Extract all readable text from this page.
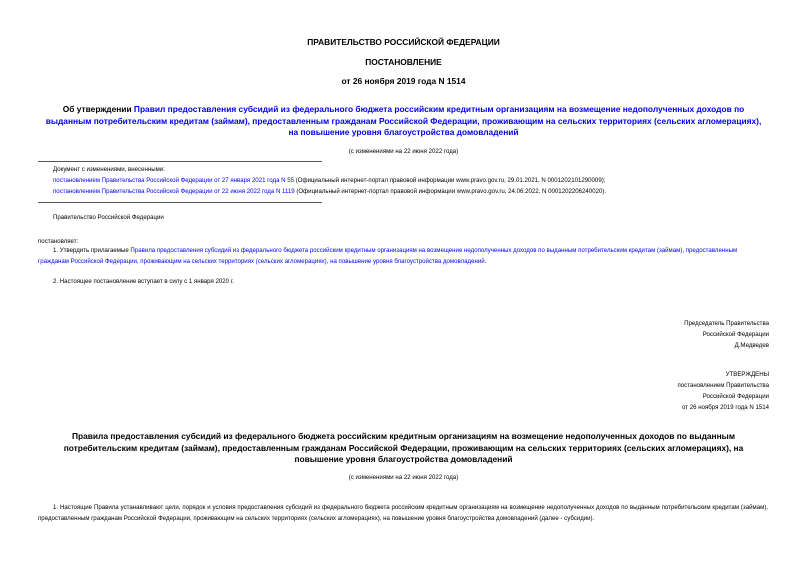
ПРАВИТЕЛЬСТВО РОССИЙСКОЙ ФЕДЕРАЦИИ
ПОСТАНОВЛЕНИЕ
от 26 ноября 2019 года N 1514
Об утверждении Правил предоставления субсидий из федерального бюджета российским кредитным организациям на возмещение недополученных доходов по выданным потребительским кредитам (займам), предоставленным гражданам Российской Федерации, проживающим на сельских территориях (сельских агломерациях), на повышение уровня благоустройства домовладений
(с изменениями на 22 июня 2022 года)
Документ с изменениями, внесенными:
постановлением Правительства Российской Федерации от 27 января 2021 года N 55 (Официальный интернет-портал правовой информации www.pravo.gov.ru, 29.01.2021, N 0001202101290009);
постановлением Правительства Российской Федерации от 22 июня 2022 года N 1119 (Официальный интернет-портал правовой информации www.pravo.gov.ru, 24.06.2022, N 0001202206240020).
Правительство Российской Федерации
постановляет:
1. Утвердить прилагаемые Правила предоставления субсидий из федерального бюджета российским кредитным организациям на возмещение недополученных доходов по выданным потребительским кредитам (займам), предоставленным гражданам Российской Федерации, проживающим на сельских территориях (сельских агломерациях), на повышение уровня благоустройства домовладений.
2. Настоящее постановление вступает в силу с 1 января 2020 г.
Председатель Правительства
Российской Федерации
Д.Медведев
УТВЕРЖДЕНЫ
постановлением Правительства
Российской Федерации
от 26 ноября 2019 года N 1514
Правила предоставления субсидий из федерального бюджета российским кредитным организациям на возмещение недополученных доходов по выданным потребительским кредитам (займам), предоставленным гражданам Российской Федерации, проживающим на сельских территориях (сельских агломерациях), на повышение уровня благоустройства домовладений
(с изменениями на 22 июня 2022 года)
1. Настоящие Правила устанавливают цели, порядок и условия предоставления субсидий из федерального бюджета российским кредитным организациям на возмещение недополученных доходов по выданным потребительским кредитам (займам), предоставленным гражданам Российской Федерации, проживающим на сельских территориях (сельских агломерациях), на повышение уровня благоустройства домовладений (далее - субсидии).
